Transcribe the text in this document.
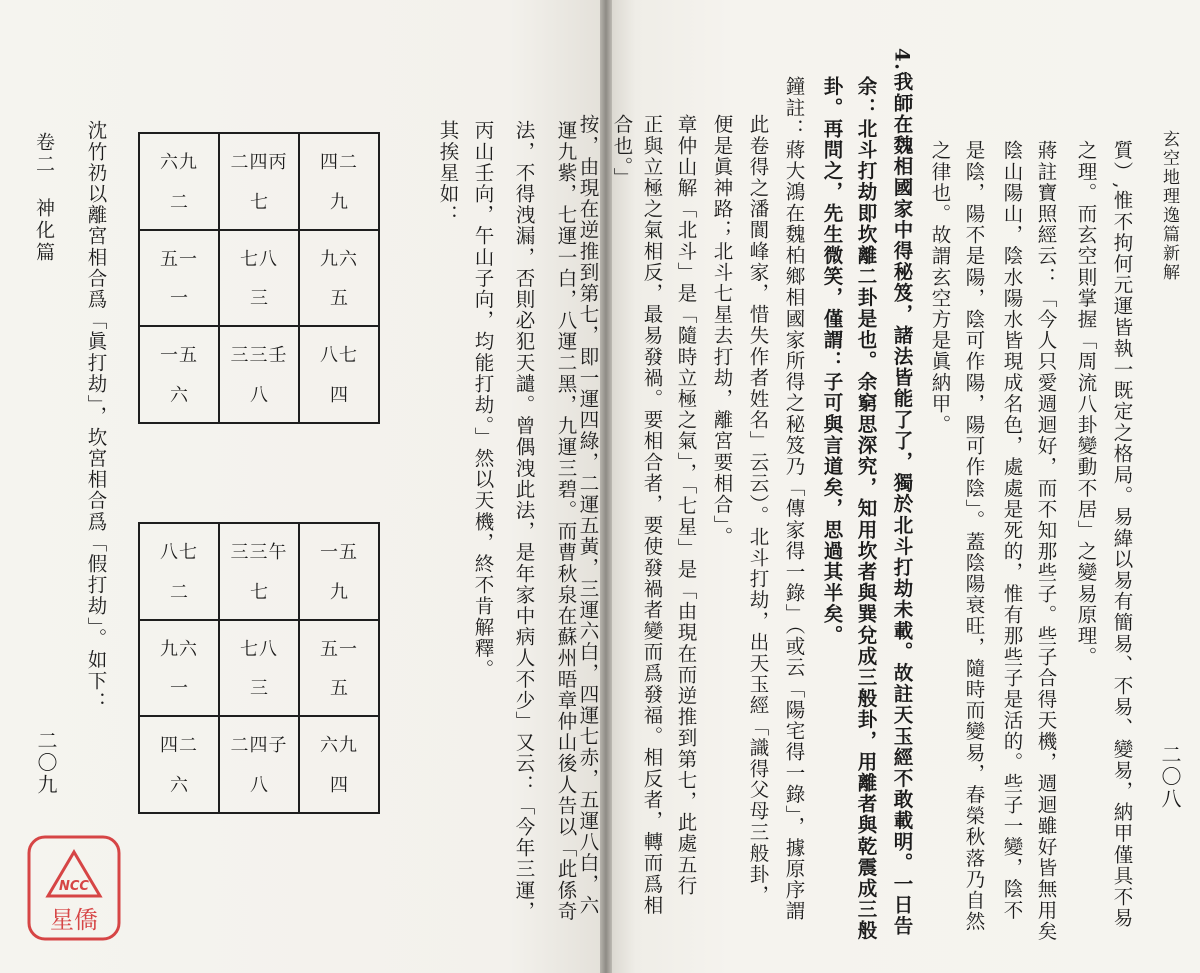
運九紫，七運一白，八運二黑，九運三碧。而曹秋泉在蘇州晤章仲山後人告以「此係奇
法，不得洩漏，否則必犯天譴。曾偶洩此法，是年家中病人不少」又云：「今年三運，
丙山壬向，午山子向，均能打劫。」然以天機，終不肯解釋。
其挨星如：
六九
二
二四丙
七
四二
九
五一
一
七八
三
九六
五
一五
六
三三壬
八
八七
四
八七
二
三三午
七
一五
九
九六
一
七八
三
五一
五
四二
六
二四子
八
六九
四
沈竹礽以離宮相合爲「眞打劫」，坎宮相合爲「假打劫」。如下：
卷二　神化篇
二〇九
NCC
星僑
玄空地理逸篇新解
二〇八
質）,惟不拘何元運皆執一既定之格局。易緯以易有簡易、不易、變易，納甲僅具不易
之理。而玄空則掌握「周流八卦變動不居」之變易原理。
蔣註寶照經云：「今人只愛週迴好，而不知那些子。些子合得天機，週迴雖好皆無用矣
陰山陽山，陰水陽水皆現成名色，處處是死的，惟有那些子是活的。些子一變，陰不
是陰，陽不是陽，陰可作陽，陽可作陰」。蓋陰陽衰旺，隨時而變易，春榮秋落乃自然
之律也。故謂玄空方是眞納甲。
4.我師在魏相國家中得秘笈，諸法皆能了了，獨於北斗打劫未載。故註天玉經不敢載明。一日告
余：北斗打劫即坎離二卦是也。余窮思深究，知用坎者與巽兌成三般卦，用離者與乾震成三般
卦。再問之，先生微笑，僅謂：子可與言道矣，思過其半矣。
鐘註：蔣大鴻在魏柏鄉相國家所得之秘笈乃「傳家得一錄」（或云「陽宅得一錄」，據原序謂
此卷得之潘閬峰家，惜失作者姓名」云云）。北斗打劫，出天玉經「識得父母三般卦，
便是眞神路；北斗七星去打劫，離宮要相合」。
章仲山解「北斗」是「隨時立極之氣」，「七星」是「由現在而逆推到第七，此處五行
正與立極之氣相反，最易發禍。要相合者，要使發禍者變而爲發福。相反者，轉而爲相
合也。」
按，由現在逆推到第七，即一運四綠，二運五黃，三運六白，四運七赤，五運八白，六
